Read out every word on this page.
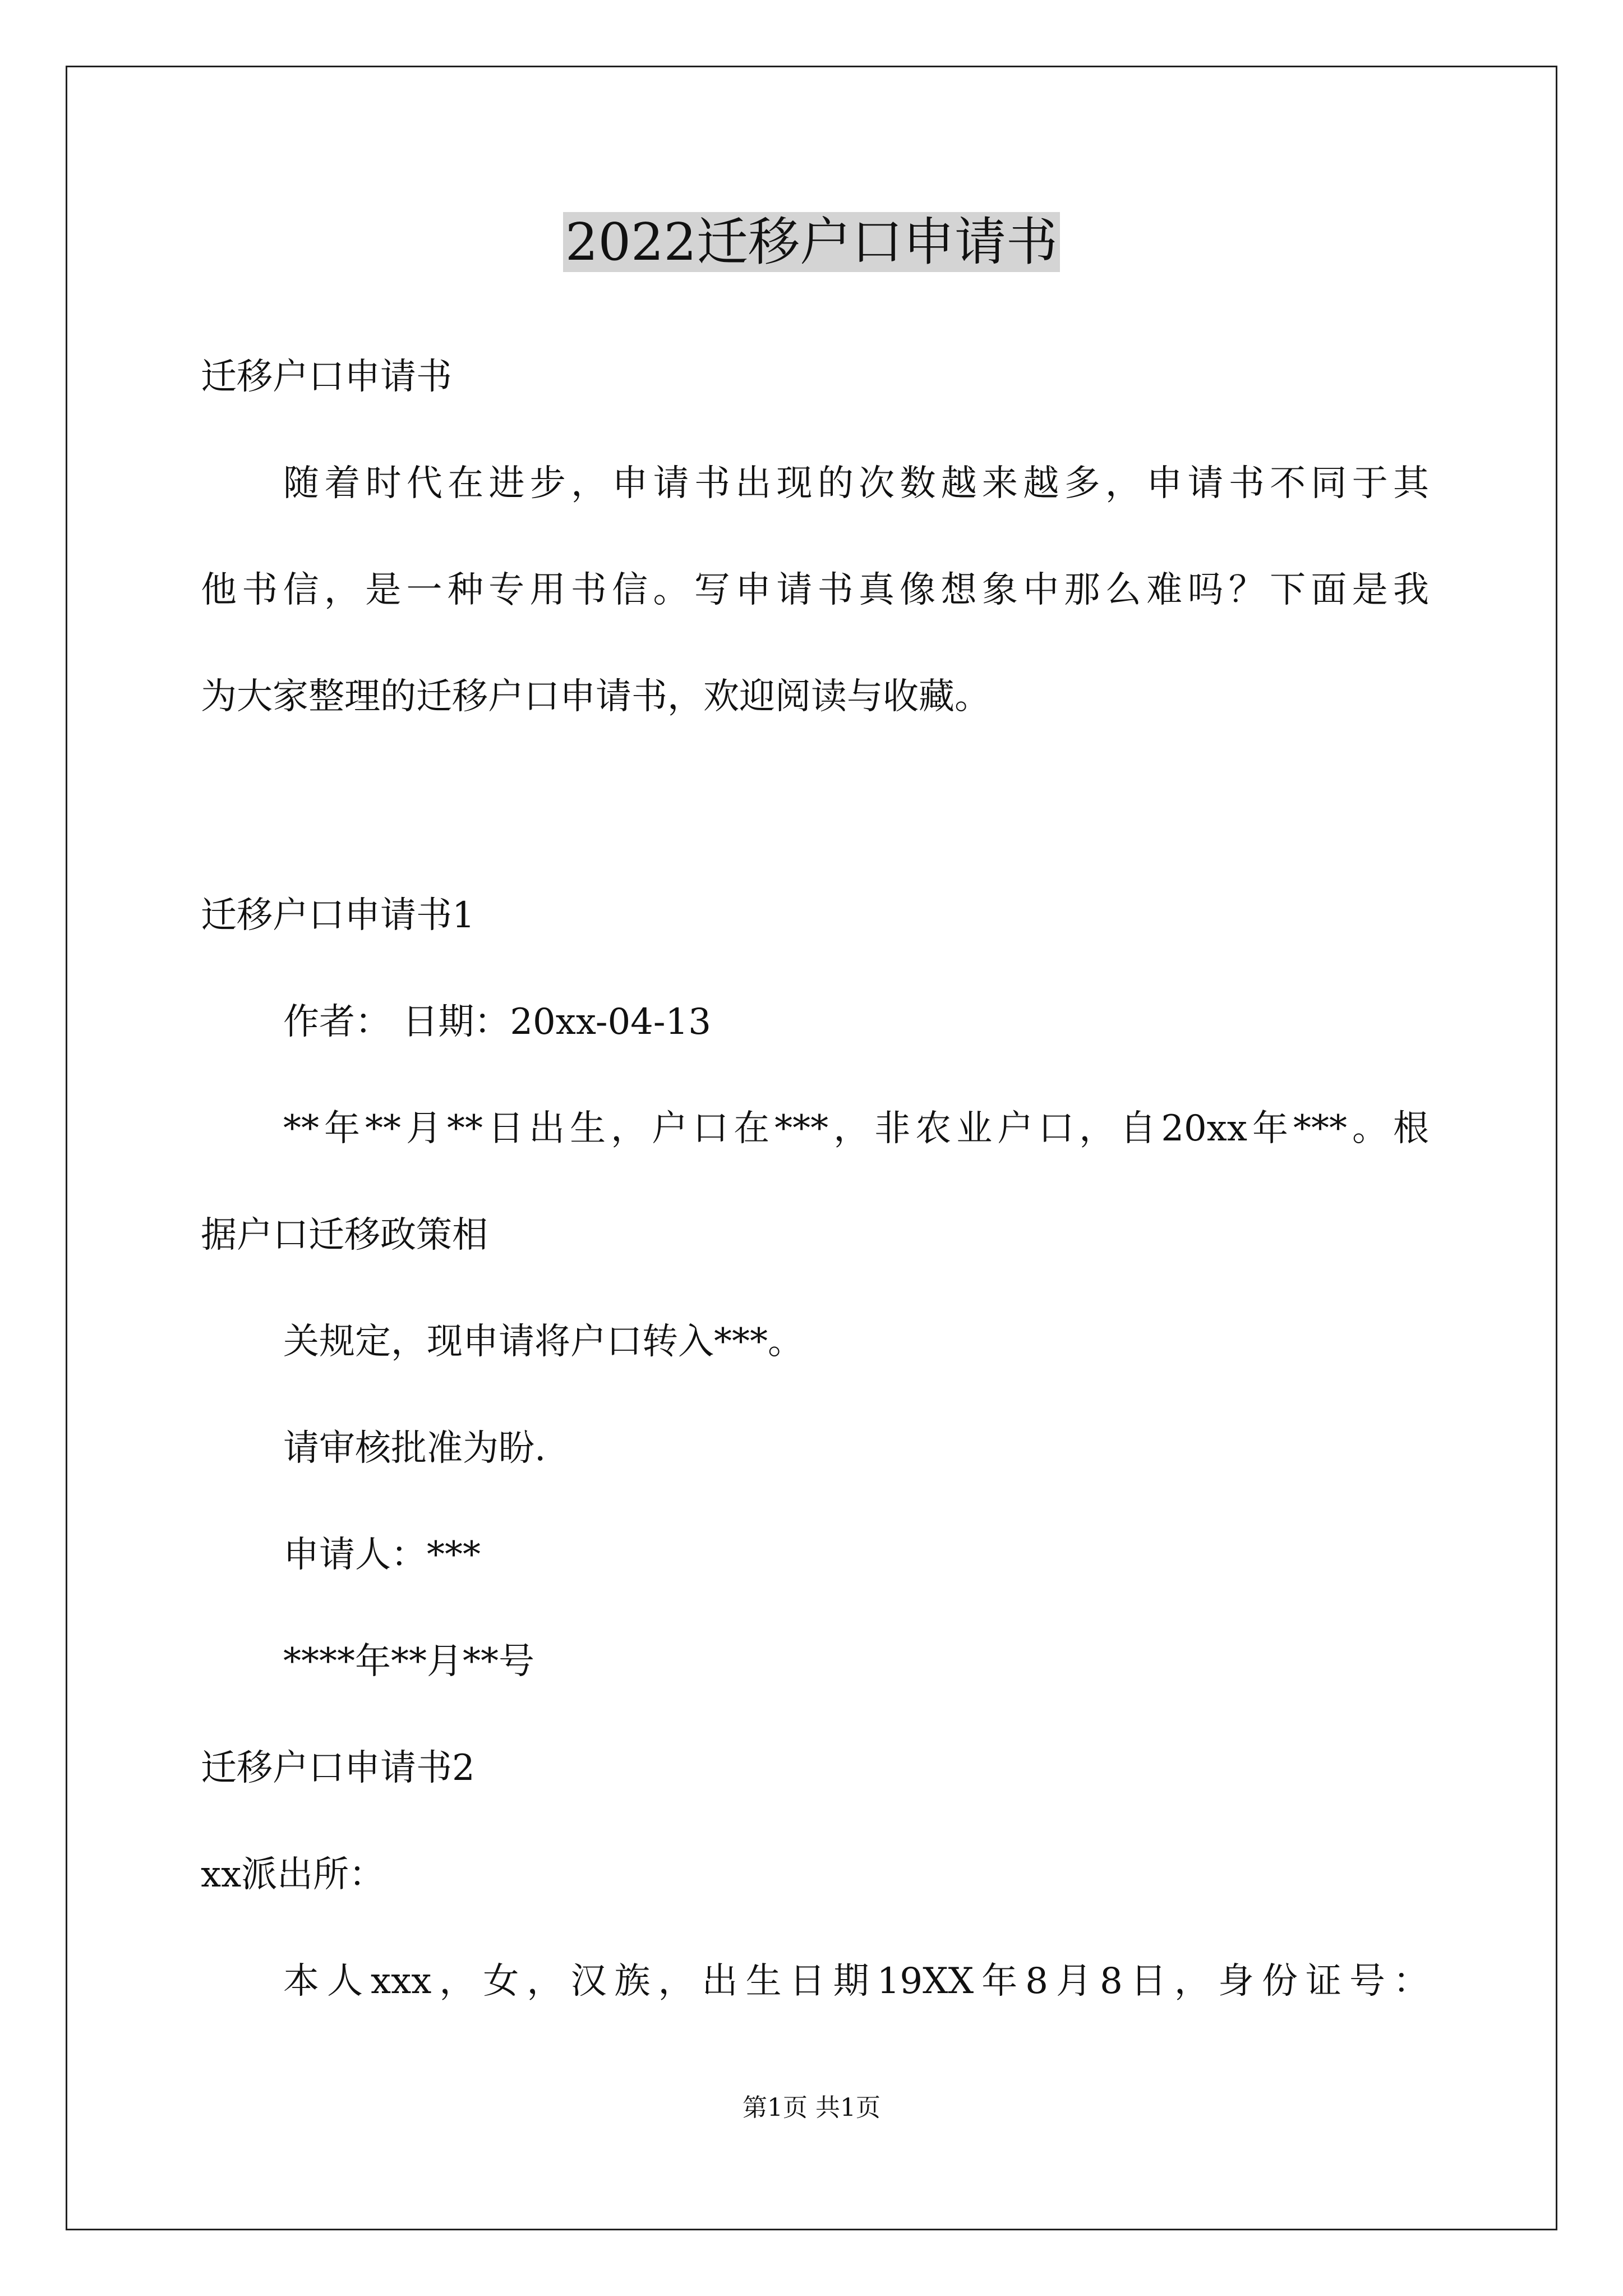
2022迁移户口申请书
迁移户口申请书
随着时代在进步，申请书出现的次数越来越多，申请书不同于其
他书信，是一种专用书信。写申请书真像想象中那么难吗？下面是我
为大家整理的迁移户口申请书，欢迎阅读与收藏。
迁移户口申请书1
作者： 日期：20xx-04-13
**年**月**日出生，户口在***，非农业户口，自20xx年***。根
据户口迁移政策相
关规定，现申请将户口转入***。
请审核批准为盼.
申请人：***
****年**月**号
迁移户口申请书2
xx派出所：
本人xxx，女，汉族，出生日期19XX年8月8日，身份证号：
第1页 共1页
